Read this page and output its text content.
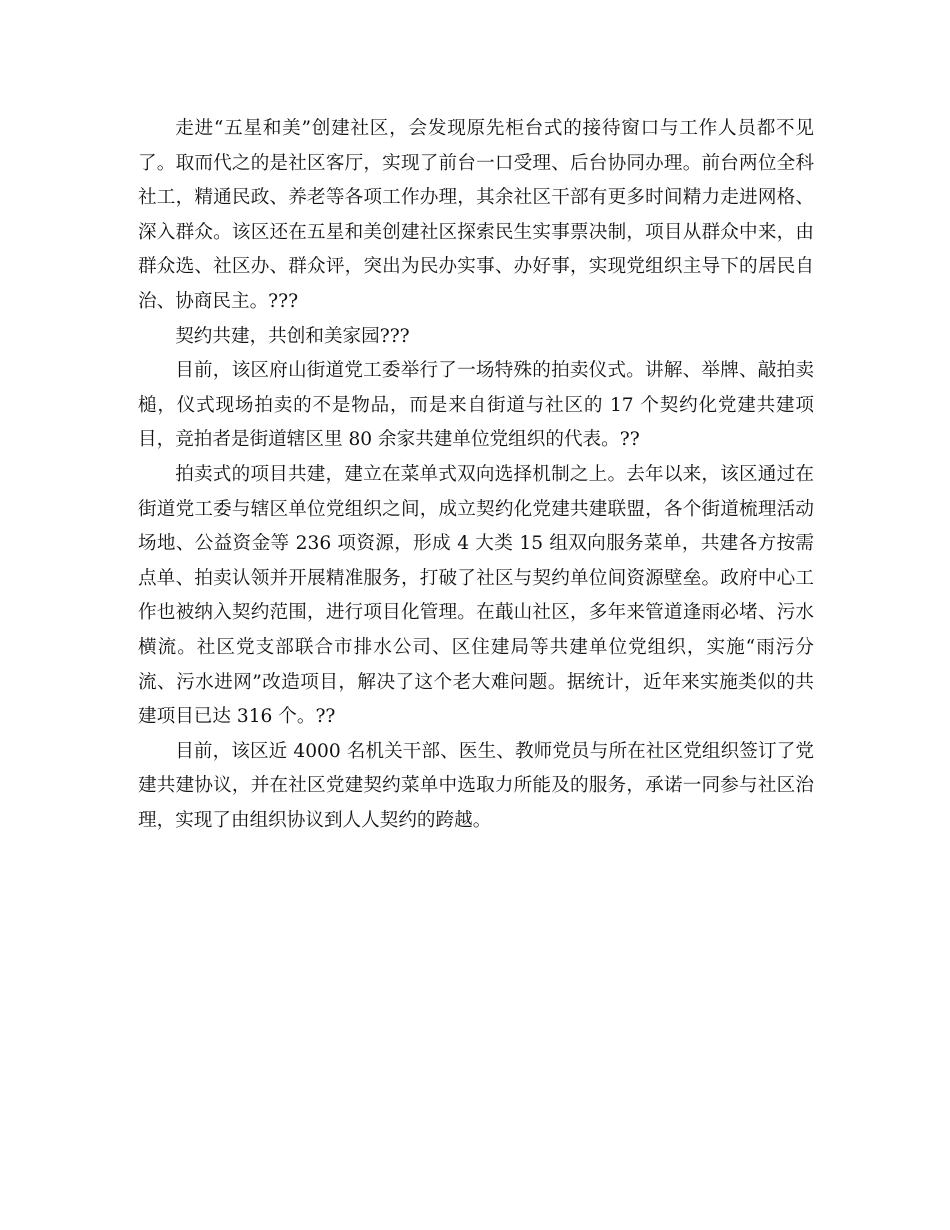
走进“五星和美”创建社区，会发现原先柜台式的接待窗口与工作人员都不见了。取而代之的是社区客厅，实现了前台一口受理、后台协同办理。前台两位全科社工，精通民政、养老等各项工作办理，其余社区干部有更多时间精力走进网格、深入群众。该区还在五星和美创建社区探索民生实事票决制，项目从群众中来，由群众选、社区办、群众评，突出为民办实事、办好事，实现党组织主导下的居民自治、协商民主。???

契约共建，共创和美家园???

目前，该区府山街道党工委举行了一场特殊的拍卖仪式。讲解、举牌、敲拍卖槌，仪式现场拍卖的不是物品，而是来自街道与社区的 17 个契约化党建共建项目，竞拍者是街道辖区里 80 余家共建单位党组织的代表。??

拍卖式的项目共建，建立在菜单式双向选择机制之上。去年以来，该区通过在街道党工委与辖区单位党组织之间，成立契约化党建共建联盟，各个街道梳理活动场地、公益资金等 236 项资源，形成 4 大类 15 组双向服务菜单，共建各方按需点单、拍卖认领并开展精准服务，打破了社区与契约单位间资源壁垒。政府中心工作也被纳入契约范围，进行项目化管理。在蕺山社区，多年来管道逢雨必堵、污水横流。社区党支部联合市排水公司、区住建局等共建单位党组织，实施“雨污分流、污水进网”改造项目，解决了这个老大难问题。据统计，近年来实施类似的共建项目已达 316 个。??

目前，该区近 4000 名机关干部、医生、教师党员与所在社区党组织签订了党建共建协议，并在社区党建契约菜单中选取力所能及的服务，承诺一同参与社区治理，实现了由组织协议到人人契约的跨越。
